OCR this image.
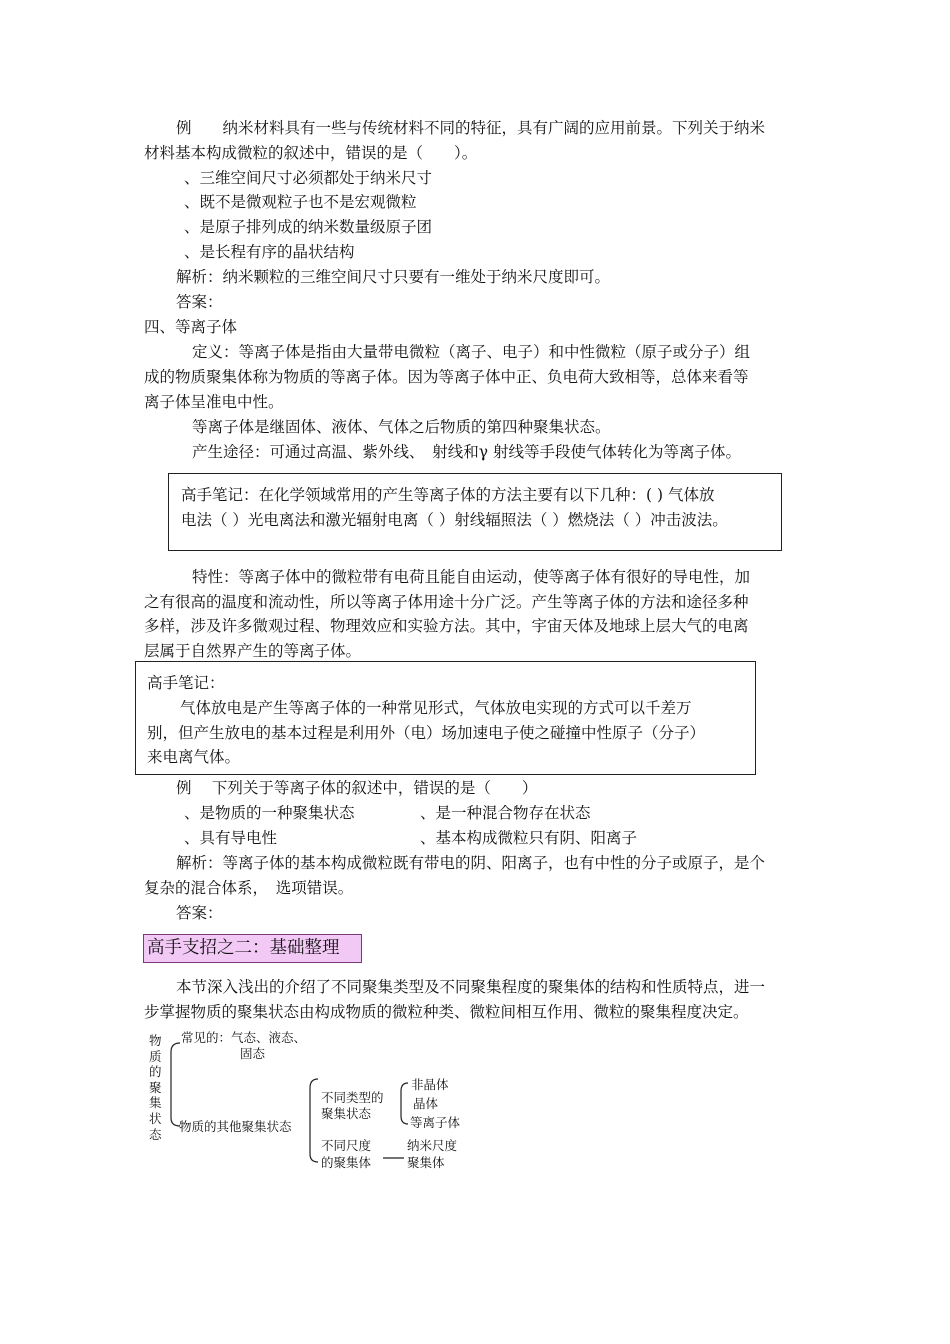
例　　纳米材料具有一些与传统材料不同的特征，具有广阔的应用前景。下列关于纳米
材料基本构成微粒的叙述中，错误的是（　　）。
、三维空间尺寸必须都处于纳米尺寸
、既不是微观粒子也不是宏观微粒
、是原子排列成的纳米数量级原子团
、是长程有序的晶状结构
解析：纳米颗粒的三维空间尺寸只要有一维处于纳米尺度即可。
答案：
四、等离子体
定义：等离子体是指由大量带电微粒（离子、电子）和中性微粒（原子或分子）组
成的物质聚集体称为物质的等离子体。因为等离子体中正、负电荷大致相等，总体来看等
离子体呈准电中性。
等离子体是继固体、液体、气体之后物质的第四种聚集状态。
产生途径：可通过高温、紫外线、　射线和γ 射线等手段使气体转化为等离子体。
高手笔记：在化学领域常用的产生等离子体的方法主要有以下几种：( ) 气体放
电法（ ）光电离法和激光辐射电离（ ）射线辐照法（ ）燃烧法（ ）冲击波法。
特性：等离子体中的微粒带有电荷且能自由运动，使等离子体有很好的导电性，加
之有很高的温度和流动性，所以等离子体用途十分广泛。产生等离子体的方法和途径多种
多样，涉及许多微观过程、物理效应和实验方法。其中，宇宙天体及地球上层大气的电离
层属于自然界产生的等离子体。
高手笔记：
气体放电是产生等离子体的一种常见形式，气体放电实现的方式可以千差万
别，但产生放电的基本过程是利用外（电）场加速电子使之碰撞中性原子（分子）
来电离气体。
例　 下列关于等离子体的叙述中，错误的是（　　）
、是物质的一种聚集状态	、是一种混合物存在状态
、具有导电性	、基本构成微粒只有阴、阳离子
解析：等离子体的基本构成微粒既有带电的阴、阳离子，也有中性的分子或原子，是个
复杂的混合体系，　选项错误。
答案：
高手支招之二：基础整理
本节深入浅出的介绍了不同聚集类型及不同聚集程度的聚集体的结构和性质特点，进一
步掌握物质的聚集状态由构成物质的微粒种类、微粒间相互作用、微粒的聚集程度决定。
物
质
的
聚
集
状
态
常见的：气态、液态、
固态
物质的其他聚集状态
不同类型的
聚集状态
非晶体
晶体
等离子体
不同尺度
的聚集体
纳米尺度
聚集体
